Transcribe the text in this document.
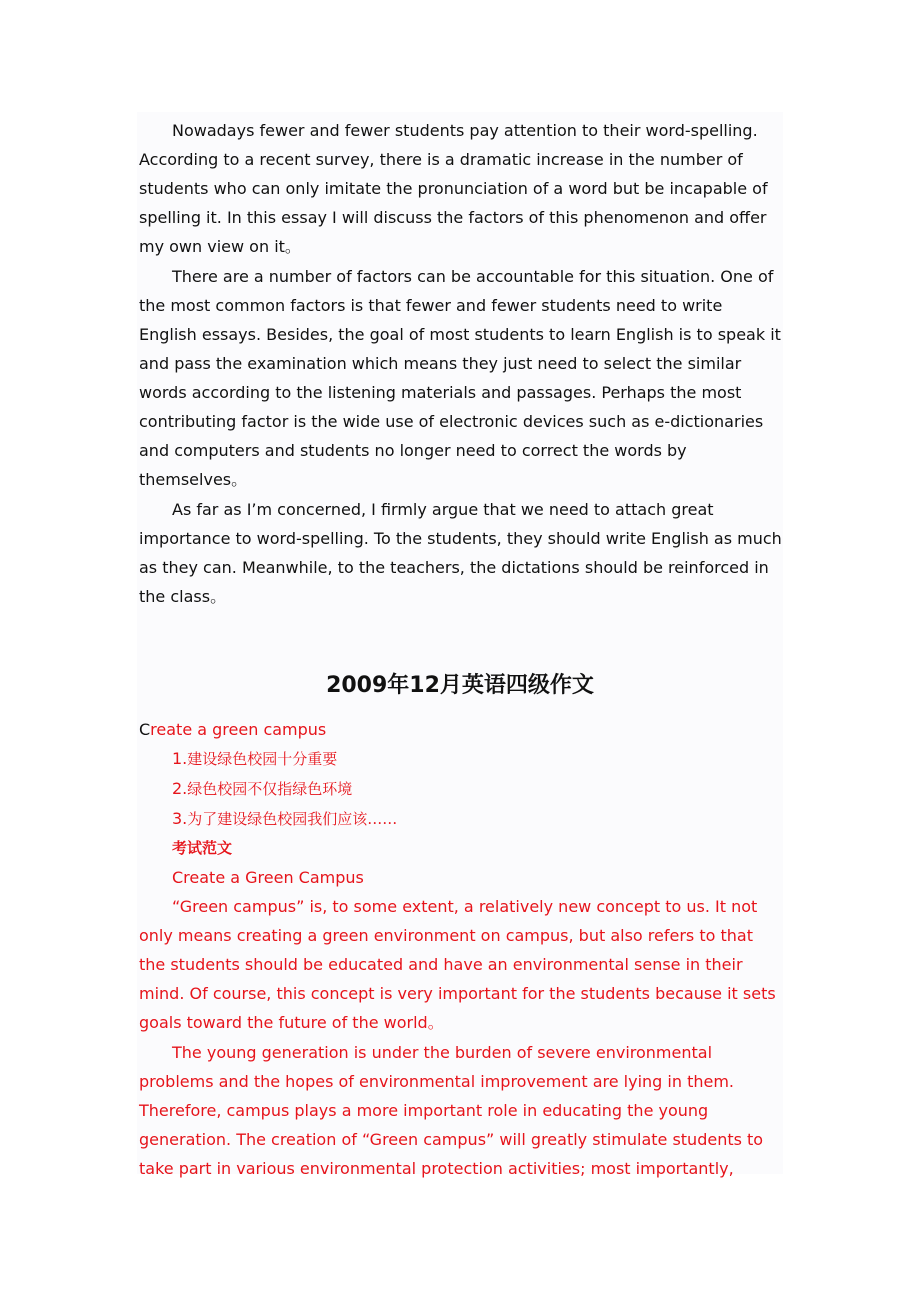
Nowadays fewer and fewer students pay attention to their word-spelling. According to a recent survey, there is a dramatic increase in the number of students who can only imitate the pronunciation of a word but be incapable of spelling it. In this essay I will discuss the factors of this phenomenon and offer my own view on it。

There are a number of factors can be accountable for this situation. One of the most common factors is that fewer and fewer students need to write English essays. Besides, the goal of most students to learn English is to speak it and pass the examination which means they just need to select the similar words according to the listening materials and passages. Perhaps the most contributing factor is the wide use of electronic devices such as e-dictionaries and computers and students no longer need to correct the words by themselves。

As far as I’m concerned, I firmly argue that we need to attach great importance to word-spelling. To the students, they should write English as much as they can. Meanwhile, to the teachers, the dictations should be reinforced in the class。

2009年12月英语四级作文

Create a green campus

1.建设绿色校园十分重要

2.绿色校园不仅指绿色环境

3.为了建设绿色校园我们应该……

考试范文

Create a Green Campus

“Green campus” is, to some extent, a relatively new concept to us. It not only means creating a green environment on campus, but also refers to that the students should be educated and have an environmental sense in their mind. Of course, this concept is very important for the students because it sets goals toward the future of the world。

The young generation is under the burden of severe environmental problems and the hopes of environmental improvement are lying in them. Therefore, campus plays a more important role in educating the young generation. The creation of “Green campus” will greatly stimulate students to take part in various environmental protection activities; most importantly,
